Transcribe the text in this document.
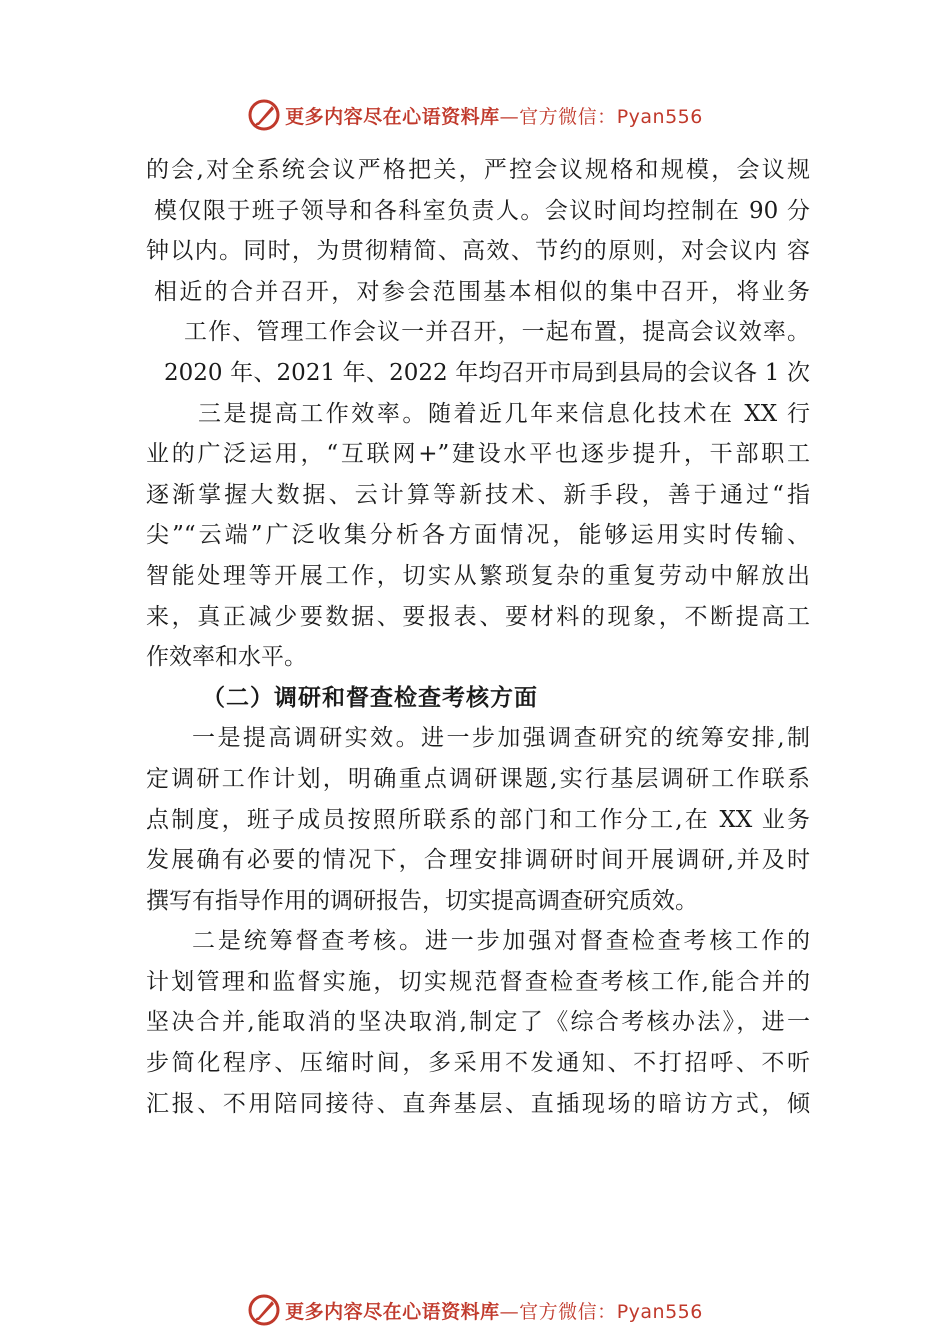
更多内容尽在心语资料库—官方微信：Pyan556
的会,对全系统会议严格把关，严控会议规格和规模，会议规
模仅限于班子领导和各科室负责人。会议时间均控制在 90 分
钟以内。同时，为贯彻精简、高效、节约的原则，对会议内 容
相近的合并召开，对参会范围基本相似的集中召开，将业务
工作、管理工作会议一并召开，一起布置，提高会议效率。
2020 年、2021 年、2022 年均召开市局到县局的会议各 1 次
三是提高工作效率。随着近几年来信息化技术在 XX 行
业的广泛运用，“互联网+”建设水平也逐步提升，干部职工
逐渐掌握大数据、云计算等新技术、新手段，善于通过“指
尖”“云端”广泛收集分析各方面情况，能够运用实时传输、
智能处理等开展工作，切实从繁琐复杂的重复劳动中解放出
来，真正减少要数据、要报表、要材料的现象，不断提高工
作效率和水平。
（二）调研和督查检查考核方面
一是提高调研实效。进一步加强调查研究的统筹安排,制
定调研工作计划，明确重点调研课题,实行基层调研工作联系
点制度，班子成员按照所联系的部门和工作分工,在 XX 业务
发展确有必要的情况下，合理安排调研时间开展调研,并及时
撰写有指导作用的调研报告，切实提高调查研究质效。
二是统筹督查考核。进一步加强对督查检查考核工作的
计划管理和监督实施，切实规范督查检查考核工作,能合并的
坚决合并,能取消的坚决取消,制定了《综合考核办法》，进一
步简化程序、压缩时间，多采用不发通知、不打招呼、不听
汇报、不用陪同接待、直奔基层、直插现场的暗访方式，倾
更多内容尽在心语资料库—官方微信：Pyan556
